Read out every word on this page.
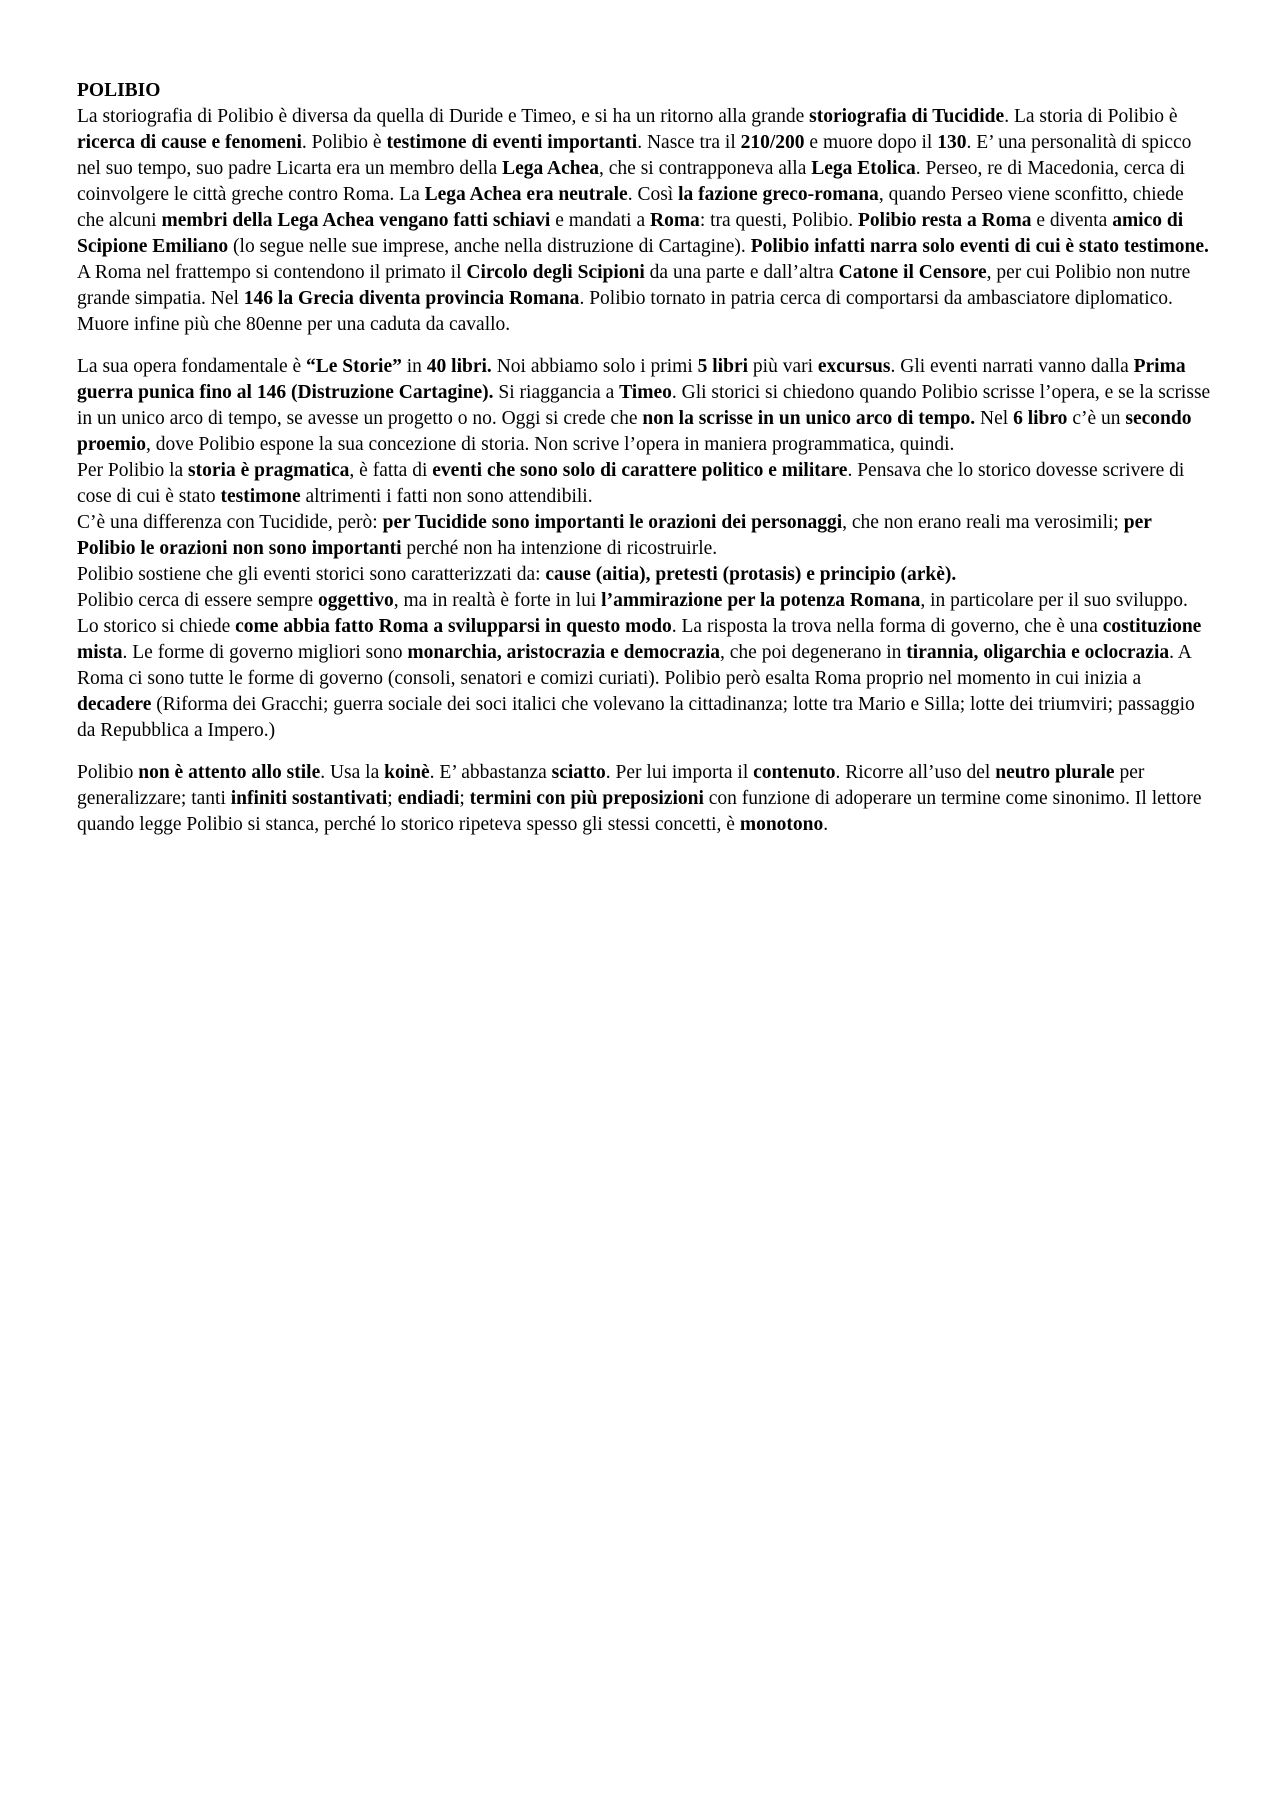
POLIBIO

La storiografia di Polibio è diversa da quella di Duride e Timeo, e si ha un ritorno alla grande storiografia di Tucidide. La storia di Polibio è ricerca di cause e fenomeni. Polibio è testimone di eventi importanti. Nasce tra il 210/200 e muore dopo il 130. E’ una personalità di spicco nel suo tempo, suo padre Licarta era un membro della Lega Achea, che si contrapponeva alla Lega Etolica. Perseo, re di Macedonia, cerca di coinvolgere le città greche contro Roma. La Lega Achea era neutrale. Così la fazione greco-romana, quando Perseo viene sconfitto, chiede che alcuni membri della Lega Achea vengano fatti schiavi e mandati a Roma: tra questi, Polibio. Polibio resta a Roma e diventa amico di Scipione Emiliano (lo segue nelle sue imprese, anche nella distruzione di Cartagine). Polibio infatti narra solo eventi di cui è stato testimone.

A Roma nel frattempo si contendono il primato il Circolo degli Scipioni da una parte e dall’altra Catone il Censore, per cui Polibio non nutre grande simpatia. Nel 146 la Grecia diventa provincia Romana. Polibio tornato in patria cerca di comportarsi da ambasciatore diplomatico. Muore infine più che 80enne per una caduta da cavallo.

La sua opera fondamentale è “Le Storie” in 40 libri. Noi abbiamo solo i primi 5 libri più vari excursus. Gli eventi narrati vanno dalla Prima guerra punica fino al 146 (Distruzione Cartagine). Si riaggancia a Timeo. Gli storici si chiedono quando Polibio scrisse l’opera, e se la scrisse in un unico arco di tempo, se avesse un progetto o no. Oggi si crede che non la scrisse in un unico arco di tempo. Nel 6 libro c’è un secondo proemio, dove Polibio espone la sua concezione di storia. Non scrive l’opera in maniera programmatica, quindi.

Per Polibio la storia è pragmatica, è fatta di eventi che sono solo di carattere politico e militare. Pensava che lo storico dovesse scrivere di cose di cui è stato testimone altrimenti i fatti non sono attendibili.

C’è una differenza con Tucidide, però: per Tucidide sono importanti le orazioni dei personaggi, che non erano reali ma verosimili; per Polibio le orazioni non sono importanti perché non ha intenzione di ricostruirle.

Polibio sostiene che gli eventi storici sono caratterizzati da: cause (aitia), pretesti (protasis) e principio (arkè).

Polibio cerca di essere sempre oggettivo, ma in realtà è forte in lui l’ammirazione per la potenza Romana, in particolare per il suo sviluppo. Lo storico si chiede come abbia fatto Roma a svilupparsi in questo modo. La risposta la trova nella forma di governo, che è una costituzione mista. Le forme di governo migliori sono monarchia, aristocrazia e democrazia, che poi degenerano in tirannia, oligarchia e oclocrazia. A Roma ci sono tutte le forme di governo (consoli, senatori e comizi curiati). Polibio però esalta Roma proprio nel momento in cui inizia a decadere (Riforma dei Gracchi; guerra sociale dei soci italici che volevano la cittadinanza; lotte tra Mario e Silla; lotte dei triumviri; passaggio da Repubblica a Impero.)

Polibio non è attento allo stile. Usa la koinè. E’ abbastanza sciatto. Per lui importa il contenuto. Ricorre all’uso del neutro plurale per generalizzare; tanti infiniti sostantivati; endiadi; termini con più preposizioni con funzione di adoperare un termine come sinonimo. Il lettore quando legge Polibio si stanca, perché lo storico ripeteva spesso gli stessi concetti, è monotono.
